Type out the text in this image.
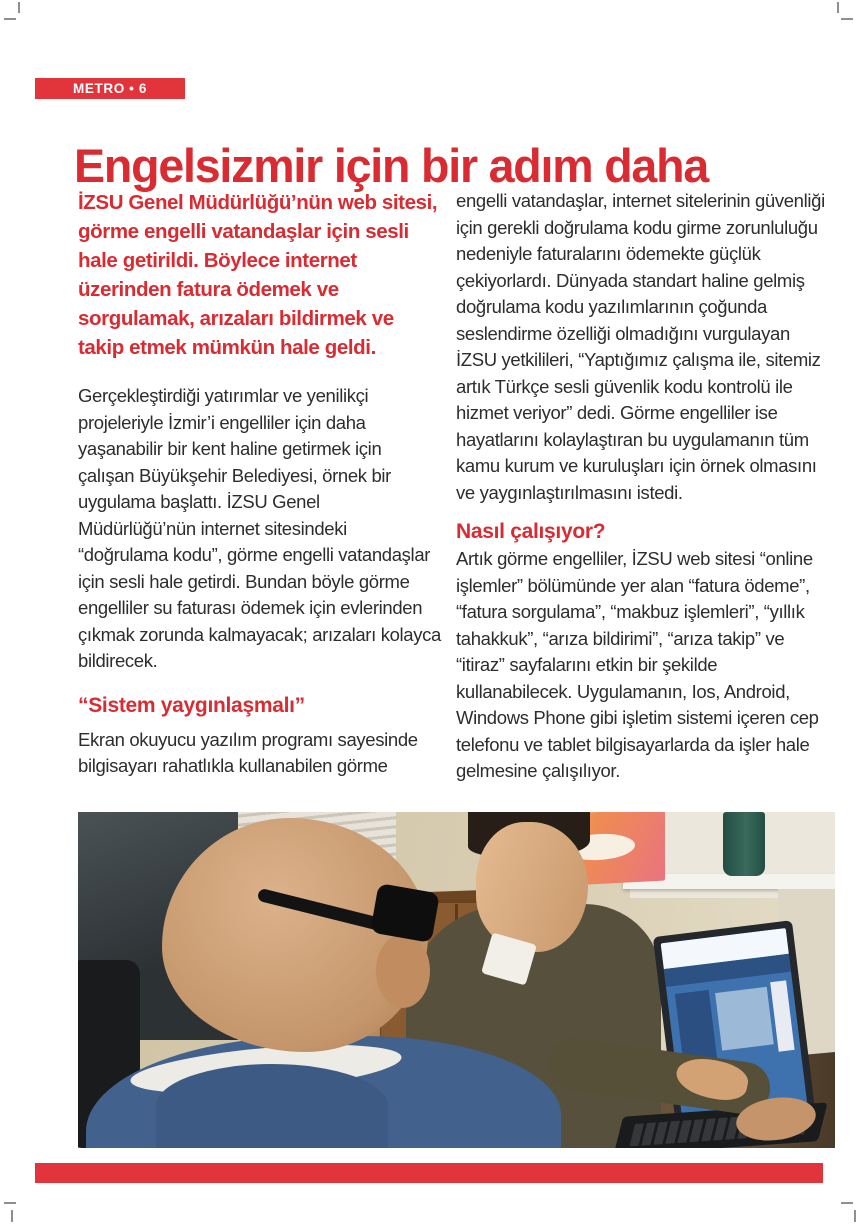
METRO • 6
Engelsizmir için bir adım daha

İZSU Genel Müdürlüğü’nün web sitesi, görme engelli vatandaşlar için sesli hale getirildi. Böylece internet üzerinden fatura ödemek ve sorgulamak, arızaları bildirmek ve takip etmek mümkün hale geldi.

Gerçekleştirdiği yatırımlar ve yenilikçi projeleriyle İzmir’i engelliler için daha yaşanabilir bir kent haline getirmek için çalışan Büyükşehir Belediyesi, örnek bir uygulama başlattı. İZSU Genel Müdürlüğü’nün internet sitesindeki “doğrulama kodu”, görme engelli vatandaşlar için sesli hale getirdi. Bundan böyle görme engelliler su faturası ödemek için evlerinden çıkmak zorunda kalmayacak; arızaları kolayca bildirecek.

“Sistem yaygınlaşmalı”

Ekran okuyucu yazılım programı sayesinde bilgisayarı rahatlıkla kullanabilen görme

engelli vatandaşlar, internet sitelerinin güvenliği için gerekli doğrulama kodu girme zorunluluğu nedeniyle faturalarını ödemekte güçlük çekiyorlardı. Dünyada standart haline gelmiş doğrulama kodu yazılımlarının çoğunda seslendirme özelliği olmadığını vurgulayan İZSU yetkilileri, “Yaptığımız çalışma ile, sitemiz artık Türkçe sesli güvenlik kodu kontrolü ile hizmet veriyor” dedi. Görme engelliler ise hayatlarını kolaylaştıran bu uygulamanın tüm kamu kurum ve kuruluşları için örnek olmasını ve yaygınlaştırılmasını istedi.

Nasıl çalışıyor?

Artık görme engelliler, İZSU web sitesi “online işlemler” bölümünde yer alan “fatura ödeme”, “fatura sorgulama”, “makbuz işlemleri”, “yıllık tahakkuk”, “arıza bildirimi”, “arıza takip” ve “itiraz” sayfalarını etkin bir şekilde kullanabilecek. Uygulamanın, Ios, Android, Windows Phone gibi işletim sistemi içeren cep telefonu ve tablet bilgisayarlarda da işler hale gelmesine çalışılıyor.
